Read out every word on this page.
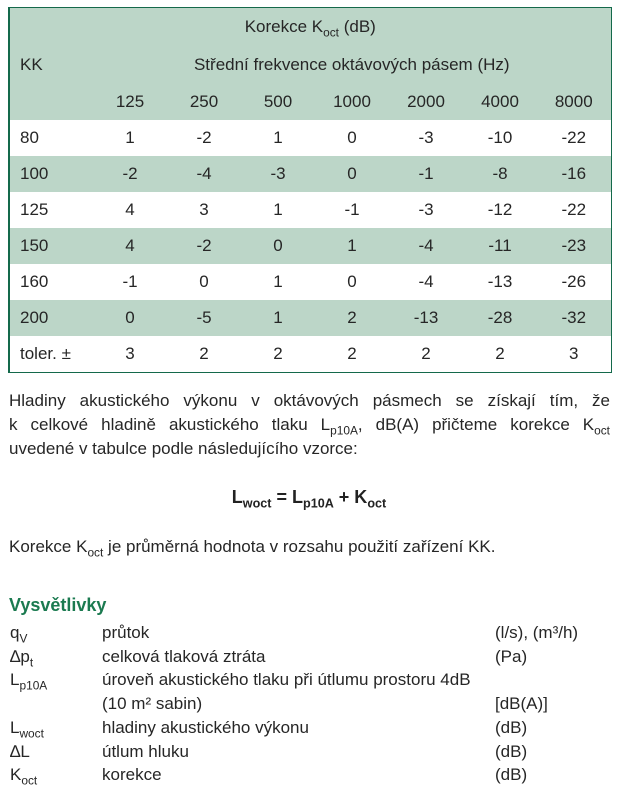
Korekce $K_{oct}$ (dB)							
KK	Střední frekvence oktávových pásem (Hz)						
	125	250	500	1000	2000	4000	8000
80	1	-2	1	0	-3	-10	-22
100	-2	-4	-3	0	-1	-8	-16
125	4	3	1	-1	-3	-12	-22
150	4	-2	0	1	-4	-11	-23
160	-1	0	1	0	-4	-13	-26
200	0	-5	1	2	-13	-28	-32
toler. ±	3	2	2	2	2	2	3
Hladiny akustického výkonu v oktávových pásmech se získají tím, že
k celkové hladině akustického tlaku $L_{p10A}$, dB(A) přičteme korekce $K_{oct}$
uvedené v tabulce podle následujícího vzorce:
$L_{woct} = L_{p10A} + K_{oct}$
Korekce $K_{oct}$ je průměrná hodnota v rozsahu použití zařízení KK.
Vysvětlivky
$q_V$	průtok	(l/s), (m³/h)
$\Delta p_t$	celková tlaková ztráta	(Pa)
$L_{p10A}$	úroveň akustického tlaku při útlumu prostoru 4dB
(10 m² sabin)	[dB(A)]
$L_{woct}$	hladiny akustického výkonu	(dB)
∆L	útlum hluku	(dB)
$K_{oct}$	korekce	(dB)
